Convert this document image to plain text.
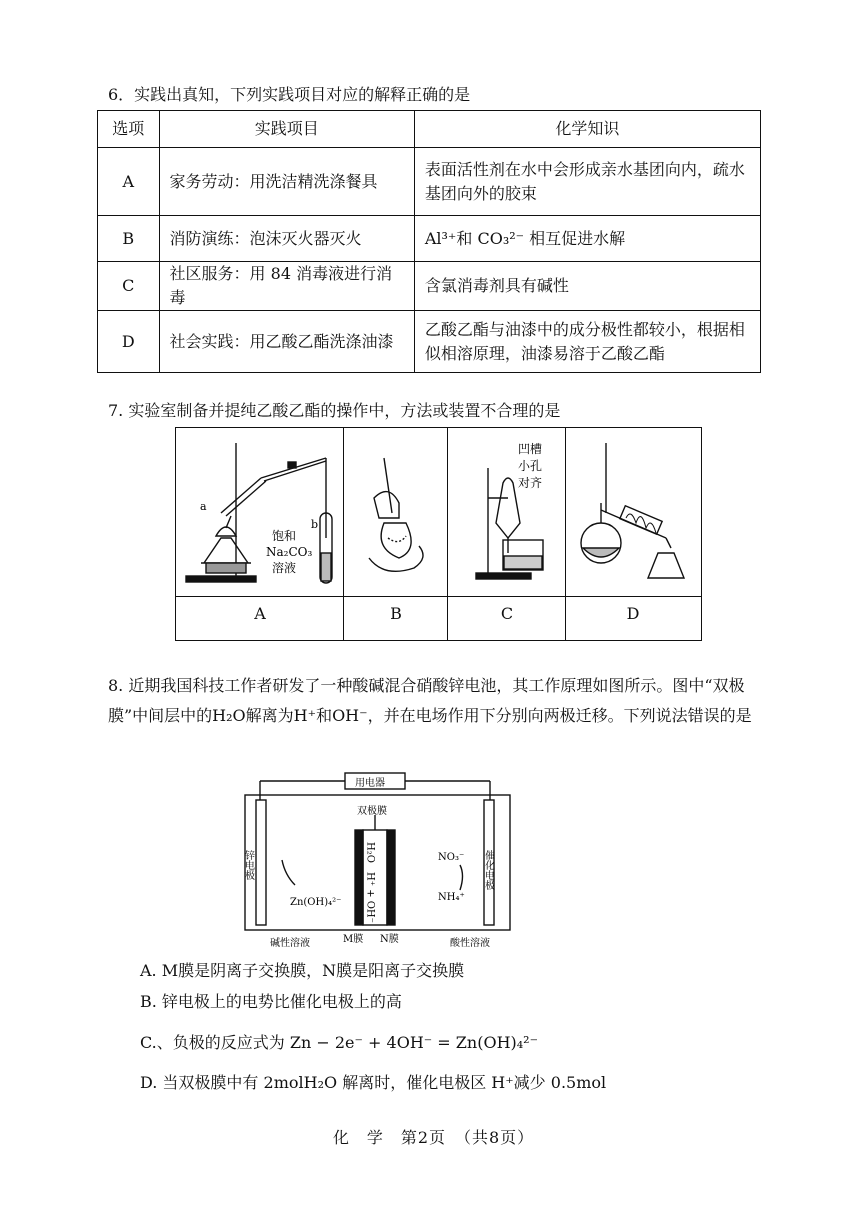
6．实践出真知，下列实践项目对应的解释正确的是
选项	实践项目	化学知识
A	家务劳动：用洗洁精洗涤餐具	表面活性剂在水中会形成亲水基团向内，疏水基团向外的胶束
B	消防演练：泡沫灭火器灭火	Al³⁺和 CO₃²⁻ 相互促进水解
C	社区服务：用 84 消毒液进行消毒	含氯消毒剂具有碱性
D	社会实践：用乙酸乙酯洗涤油漆	乙酸乙酯与油漆中的成分极性都较小，根据相似相溶原理，油漆易溶于乙酸乙酯
7. 实验室制备并提纯乙酸乙酯的操作中，方法或装置不合理的是
a
b
饱和
Na₂CO₃
溶液
凹槽
小孔
对齐
A	B	C	D
8. 近期我国科技工作者研发了一种酸碱混合硝酸锌电池，其工作原理如图所示。图中“双极膜”中间层中的H₂O解离为H⁺和OH⁻，并在电场作用下分别向两极迁移。下列说法错误的是
用电器
双极膜
锌电极	催化电极
Zn(OH)₄²⁻
H₂O
H⁺ + OH⁻
NO₃⁻
NH₄⁺
M膜 N膜
碱性溶液	酸性溶液
A. M膜是阴离子交换膜，N膜是阳离子交换膜
B. 锌电极上的电势比催化电极上的高
C.、负极的反应式为 Zn − 2e⁻ + 4OH⁻ = Zn(OH)₄²⁻
D. 当双极膜中有 2molH₂O 解离时，催化电极区 H⁺减少 0.5mol
化　学　第2页　（共8页）
